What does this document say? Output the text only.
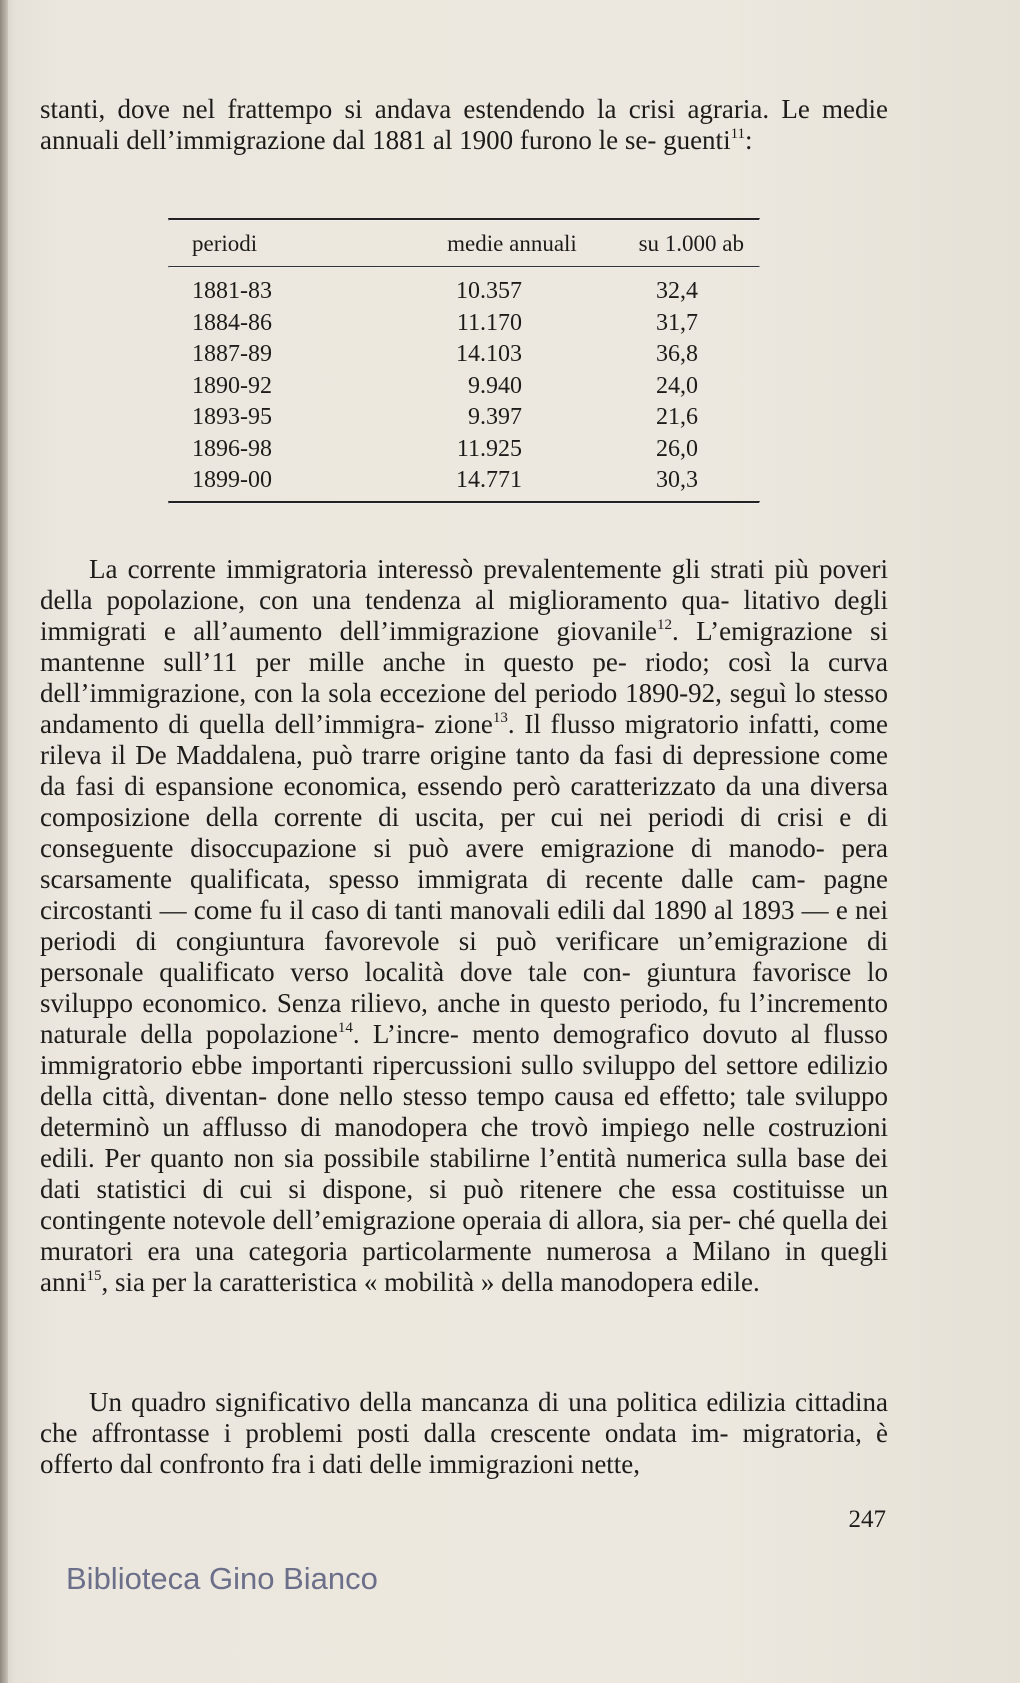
stanti, dove nel frattempo si andava estendendo la crisi agraria. Le medie annuali dell’immigrazione dal 1881 al 1900 furono le se- guenti$^{11}$:
periodi	medie annuali	su 1.000 ab
1881-83	10.357	32,4
1884-86	11.170	31,7
1887-89	14.103	36,8
1890-92	9.940	24,0
1893-95	9.397	21,6
1896-98	11.925	26,0
1899-00	14.771	30,3
La corrente immigratoria interessò prevalentemente gli strati più poveri della popolazione, con una tendenza al miglioramento qua- litativo degli immigrati e all’aumento dell’immigrazione giovanile$^{12}$. L’emigrazione si mantenne sull’11 per mille anche in questo pe- riodo; così la curva dell’immigrazione, con la sola eccezione del periodo 1890-92, seguì lo stesso andamento di quella dell’immigra- zione$^{13}$. Il flusso migratorio infatti, come rileva il De Maddalena, può trarre origine tanto da fasi di depressione come da fasi di espansione economica, essendo però caratterizzato da una diversa composizione della corrente di uscita, per cui nei periodi di crisi e di conseguente disoccupazione si può avere emigrazione di manodo- pera scarsamente qualificata, spesso immigrata di recente dalle cam- pagne circostanti — come fu il caso di tanti manovali edili dal 1890 al 1893 — e nei periodi di congiuntura favorevole si può verificare un’emigrazione di personale qualificato verso località dove tale con- giuntura favorisce lo sviluppo economico. Senza rilievo, anche in questo periodo, fu l’incremento naturale della popolazione$^{14}$. L’incre- mento demografico dovuto al flusso immigratorio ebbe importanti ripercussioni sullo sviluppo del settore edilizio della città, diventan- done nello stesso tempo causa ed effetto; tale sviluppo determinò un afflusso di manodopera che trovò impiego nelle costruzioni edili. Per quanto non sia possibile stabilirne l’entità numerica sulla base dei dati statistici di cui si dispone, si può ritenere che essa costituisse un contingente notevole dell’emigrazione operaia di allora, sia per- ché quella dei muratori era una categoria particolarmente numerosa a Milano in quegli anni$^{15}$, sia per la caratteristica « mobilità » della manodopera edile.
Un quadro significativo della mancanza di una politica edilizia cittadina che affrontasse i problemi posti dalla crescente ondata im- migratoria, è offerto dal confronto fra i dati delle immigrazioni nette,
247
Biblioteca Gino Bianco
